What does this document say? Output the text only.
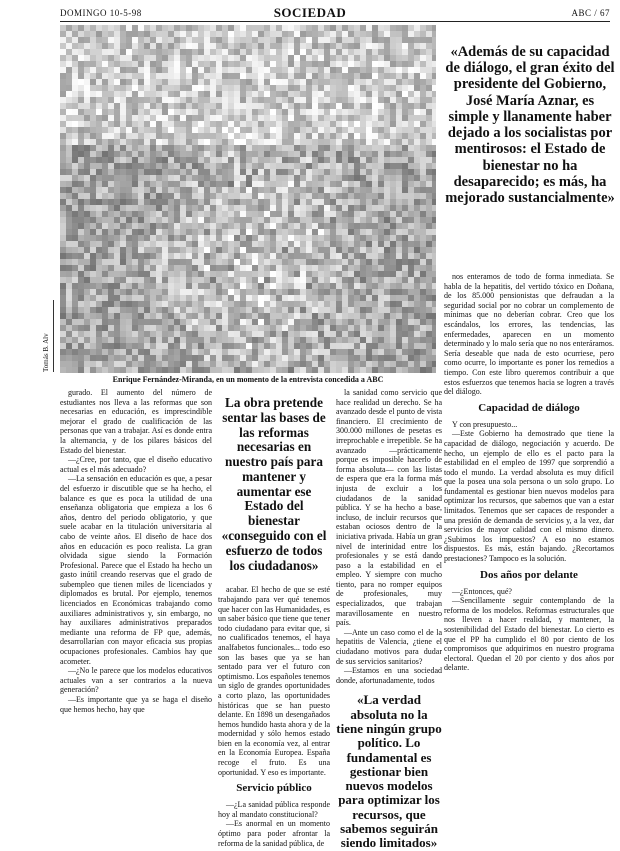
DOMINGO 10-5-98	SOCIEDAD	ABC / 67
Tomás B. Alv
Enrique Fernández-Miranda, en un momento de la entrevista concedida a ABC
«Además de su capacidad de diálogo, el gran éxito del presidente del Gobierno, José María Aznar, es simple y llanamente haber dejado a los socialistas por mentirosos: el Estado de bienestar no ha desaparecido; es más, ha mejorado sustancialmente»

gurado. El aumento del número de estudiantes nos lleva a las reformas que son necesarias en educación, es imprescindible mejorar el grado de cualificación de las personas que van a trabajar. Así es donde entra la alternancia, y de los pilares básicos del Estado del bienestar.

—¿Cree, por tanto, que el diseño educativo actual es el más adecuado?

—La sensación en educación es que, a pesar del esfuerzo ir discutible que se ha hecho, el balance es que es poca la utilidad de una enseñanza obligatoria que empieza a los 6 años, dentro del periodo obligatorio, y que suele acabar en la titulación universitaria al cabo de veinte años. El diseño de hace dos años en educación es poco realista. La gran olvidada sigue siendo la Formación Profesional. Parece que el Estado ha hecho un gasto inútil creando reservas que el grado de subempleo que tienen miles de licenciados y diplomados es brutal. Por ejemplo, tenemos licenciados en Económicas trabajando como auxiliares administrativos y, sin embargo, no hay auxiliares administrativos preparados mediante una reforma de FP que, además, desarrollarían con mayor eficacia sus propias ocupaciones profesionales. Cambios hay que acometer.

—¿No le parece que los modelos educativos actuales van a ser contrarios a la nueva generación?

—Es importante que ya se haga el diseño que hemos hecho, hay que

La obra pretende sentar las bases de las reformas necesarias en nuestro país para mantener y aumentar ese Estado del bienestar «conseguido con el esfuerzo de todos los ciudadanos»

acabar. El hecho de que se esté trabajando para ver qué tenemos que hacer con las Humanidades, es un saber básico que tiene que tener todo ciudadano para evitar que, si no cualificados tenemos, el haya analfabetos funcionales... todo eso son las bases que ya se han sentado para ver el futuro con optimismo. Los españoles tenemos un siglo de grandes oportunidades a corto plazo, las oportunidades históricas que se han puesto delante. En 1898 un desengañados hemos hundido hasta ahora y de la modernidad y sólo hemos estado bien en la economía vez, al entrar en la Economía Europea. España recoge el fruto. Es una oportunidad. Y eso es importante.

Servicio público

—¿La sanidad pública responde hoy al mandato constitucional?

—Es anormal en un momento óptimo para poder afrontar la reforma de la sanidad pública, de

la sanidad como servicio que hace realidad un derecho. Se ha avanzado desde el punto de vista financiero. El crecimiento de 300.000 millones de pesetas es irreprochable e irrepetible. Se ha avanzado —prácticamente porque es imposible hacerlo de forma absoluta— con las listas de espera que era la forma más injusta de excluir a los ciudadanos de la sanidad pública. Y se ha hecho a base, incluso, de incluir recursos que estaban ociosos dentro de la iniciativa privada. Había un gran nivel de interinidad entre los profesionales y se está dando paso a la estabilidad en el empleo. Y siempre con mucho tiento, para no romper equipos de profesionales, muy especializados, que trabajan maravillosamente en nuestro país.

—Ante un caso como el de la hepatitis de Valencia, ¿tiene el ciudadano motivos para dudar de sus servicios sanitarios?

—Estamos en una sociedad donde, afortunadamente, todos

«La verdad absoluta no la tiene ningún grupo político. Lo fundamental es gestionar bien nuevos modelos para optimizar los recursos, que sabemos seguirán siendo limitados»

nos enteramos de todo de forma inmediata. Se habla de la hepatitis, del vertido tóxico en Doñana, de los 85.000 pensionistas que defraudan a la seguridad social por no cobrar un complemento de mínimas que no deberían cobrar. Creo que los escándalos, los errores, las tendencias, las enfermedades, aparecen en un momento determinado y lo malo sería que no nos enteráramos. Sería deseable que nada de esto ocurriese, pero como ocurre, lo importante es poner los remedios a tiempo. Con este libro queremos contribuir a que estos esfuerzos que tenemos hacia se logren a través del diálogo.

Capacidad de diálogo

Y con presupuesto...

—Este Gobierno ha demostrado que tiene la capacidad de diálogo, negociación y acuerdo. De hecho, un ejemplo de ello es el pacto para la estabilidad en el empleo de 1997 que sorprendió a todo el mundo. La verdad absoluta es muy difícil que la posea una sola persona o un solo grupo. Lo fundamental es gestionar bien nuevos modelos para optimizar los recursos, que sabemos que van a estar limitados. Tenemos que ser capaces de responder a una presión de demanda de servicios y, a la vez, dar servicios de mayor calidad con el mismo dinero. ¿Subimos los impuestos? A eso no estamos dispuestos. Es más, están bajando. ¿Recortamos prestaciones? Tampoco es la solución.

Dos años por delante

—¿Entonces, qué?

—Sencillamente seguir contemplando de la reforma de los modelos. Reformas estructurales que nos lleven a hacer realidad, y mantener, la sostenibilidad del Estado del bienestar. Lo cierto es que el PP ha cumplido el 80 por ciento de los compromisos que adquirimos en nuestro programa electoral. Quedan el 20 por ciento y dos años por delante.
